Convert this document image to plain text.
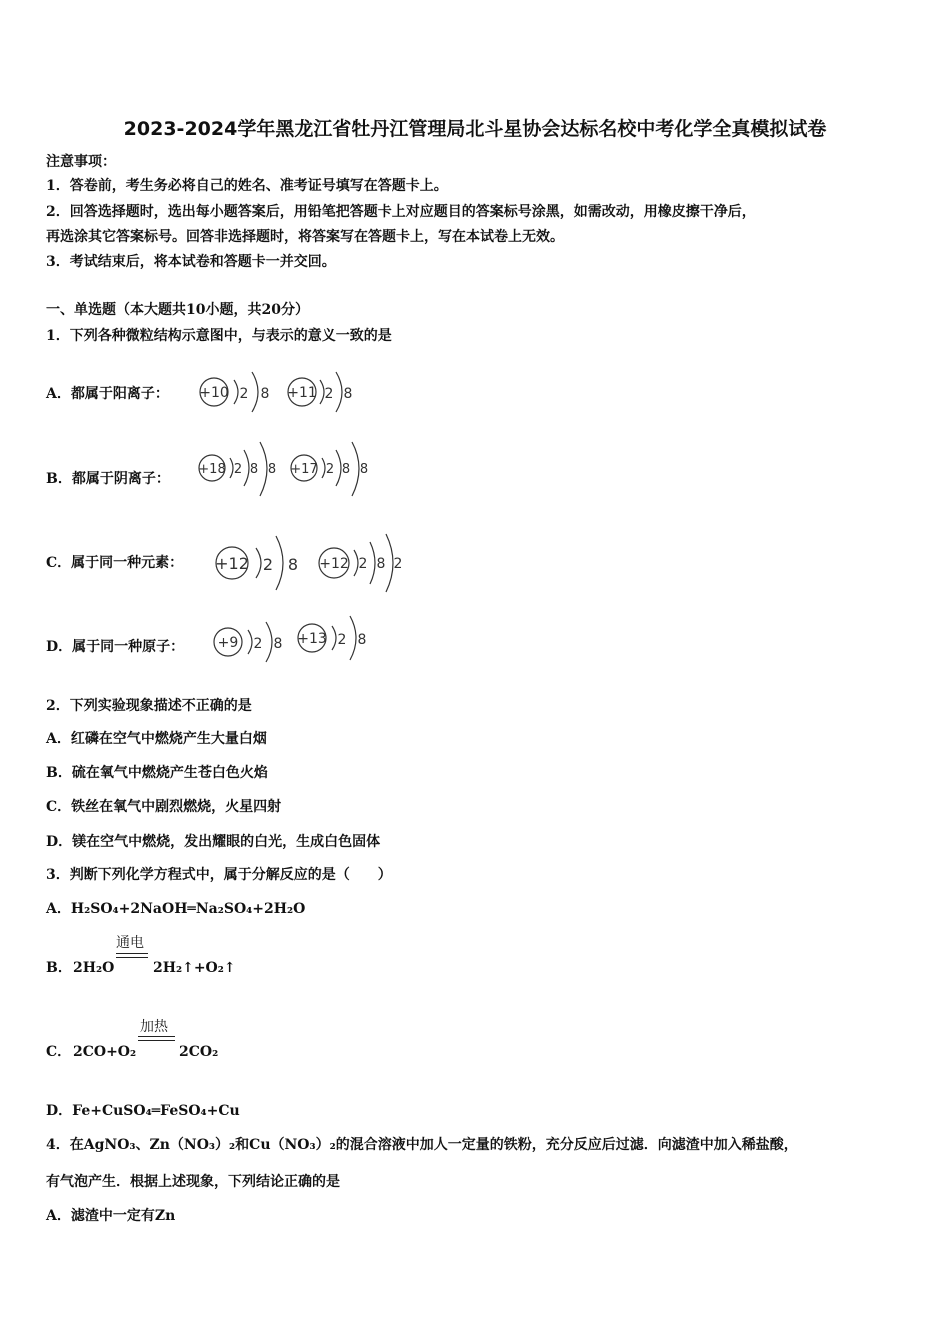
2023-2024学年黑龙江省牡丹江管理局北斗星协会达标名校中考化学全真模拟试卷
注意事项：
1．答卷前，考生务必将自己的姓名、准考证号填写在答题卡上。
2．回答选择题时，选出每小题答案后，用铅笔把答题卡上对应题目的答案标号涂黑，如需改动，用橡皮擦干净后，
再选涂其它答案标号。回答非选择题时，将答案写在答题卡上，写在本试卷上无效。
3．考试结束后，将本试卷和答题卡一并交回。
一、单选题（本大题共10小题，共20分）
1．下列各种微粒结构示意图中，与表示的意义一致的是
A．都属于阳离子： +10 2 8 +11 2 8
B．都属于阴离子：
+18 2 8 8 +17 2 8 8
C．属于同一种元素： +12 2 8 +12 2 8 2
D．属于同一种原子： +9 2 8 +13 2 8
2．下列实验现象描述不正确的是
A．红磷在空气中燃烧产生大量白烟
B．硫在氧气中燃烧产生苍白色火焰
C．铁丝在氧气中剧烈燃烧，火星四射
D．镁在空气中燃烧，发出耀眼的白光，生成白色固体
3．判断下列化学方程式中，属于分解反应的是（　　）
A．H₂SO₄+2NaOH═Na₂SO₄+2H₂O
B． 2H₂O
通电
2H₂↑+O₂↑
C． 2CO+O₂
加热
2CO₂
D．Fe+CuSO₄═FeSO₄+Cu
4．在AgNO₃、Zn（NO₃）₂和Cu（NO₃）₂的混合溶液中加人一定量的铁粉，充分反应后过滤．向滤渣中加入稀盐酸，
有气泡产生．根据上述现象，下列结论正确的是
A．滤渣中一定有Zn
